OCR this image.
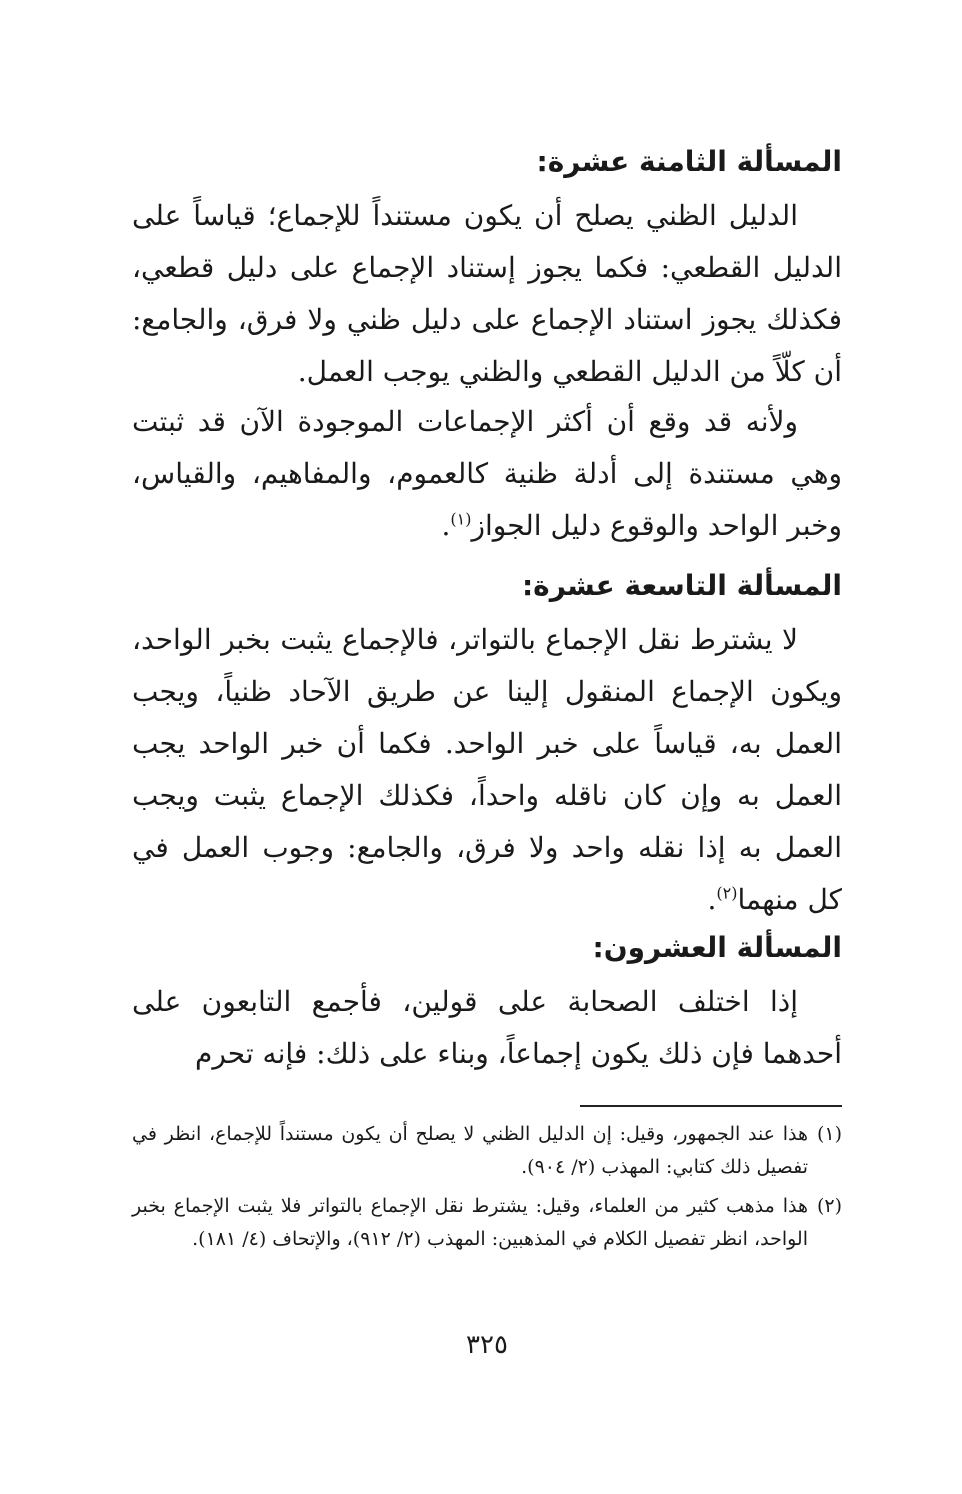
المسألة الثامنة عشرة:

الدليل الظني يصلح أن يكون مستنداً للإجماع؛ قياساً على الدليل القطعي: فكما يجوز إستناد الإجماع على دليل قطعي، فكذلك يجوز استناد الإجماع على دليل ظني ولا فرق، والجامع: أن كلّاً من الدليل القطعي والظني يوجب العمل.

ولأنه قد وقع أن أكثر الإجماعات الموجودة الآن قد ثبتت وهي مستندة إلى أدلة ظنية كالعموم، والمفاهيم، والقياس، وخبر الواحد والوقوع دليل الجواز$^{(١)}$.

المسألة التاسعة عشرة:

لا يشترط نقل الإجماع بالتواتر، فالإجماع يثبت بخبر الواحد، ويكون الإجماع المنقول إلينا عن طريق الآحاد ظنياً، ويجب العمل به، قياساً على خبر الواحد. فكما أن خبر الواحد يجب العمل به وإن كان ناقله واحداً، فكذلك الإجماع يثبت ويجب العمل به إذا نقله واحد ولا فرق، والجامع: وجوب العمل في كل منهما$^{(٢)}$.

المسألة العشرون:

إذا اختلف الصحابة على قولين، فأجمع التابعون على أحدهما فإن ذلك يكون إجماعاً، وبناء على ذلك: فإنه تحرم

(١)
هذا عند الجمهور، وقيل: إن الدليل الظني لا يصلح أن يكون مستنداً للإجماع، انظر في تفصيل ذلك كتابي: المهذب (٢/ ٩٠٤).
(٢)
هذا مذهب كثير من العلماء، وقيل: يشترط نقل الإجماع بالتواتر فلا يثبت الإجماع بخبر الواحد، انظر تفصيل الكلام في المذهبين: المهذب (٢/ ٩١٢)، والإتحاف (٤/ ١٨١).

٣٢٥
